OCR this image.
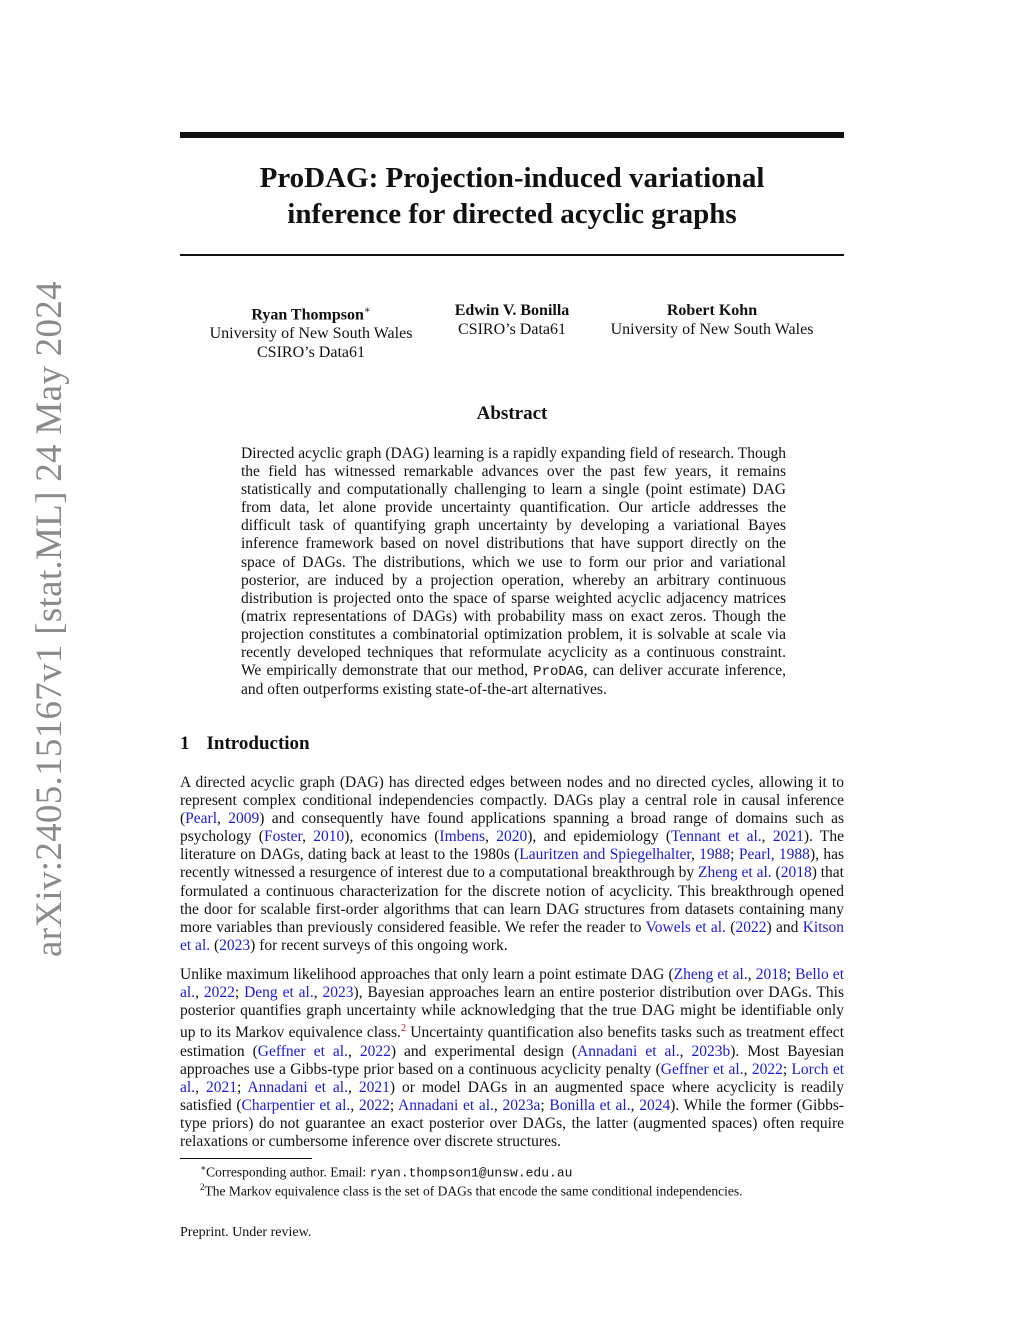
arXiv:2405.15167v1 [stat.ML] 24 May 2024
ProDAG: Projection-induced variational
inference for directed acyclic graphs
Ryan Thompson∗
University of New South Wales
CSIRO’s Data61
Edwin V. Bonilla
CSIRO’s Data61
Robert Kohn
University of New South Wales
Abstract
Directed acyclic graph (DAG) learning is a rapidly expanding field of research. Though the field has witnessed remarkable advances over the past few years, it remains statistically and computationally challenging to learn a single (point estimate) DAG from data, let alone provide uncertainty quantification. Our article addresses the difficult task of quantifying graph uncertainty by developing a variational Bayes inference framework based on novel distributions that have support directly on the space of DAGs. The distributions, which we use to form our prior and variational posterior, are induced by a projection operation, whereby an arbitrary continuous distribution is projected onto the space of sparse weighted acyclic adjacency matrices (matrix representations of DAGs) with probability mass on exact zeros. Though the projection constitutes a combinatorial optimization problem, it is solvable at scale via recently developed techniques that reformulate acyclicity as a continuous constraint. We empirically demonstrate that our method, ProDAG, can deliver accurate inference, and often outperforms existing state-of-the-art alternatives.
1 Introduction
A directed acyclic graph (DAG) has directed edges between nodes and no directed cycles, allowing it to represent complex conditional independencies compactly. DAGs play a central role in causal inference (Pearl, 2009) and consequently have found applications spanning a broad range of domains such as psychology (Foster, 2010), economics (Imbens, 2020), and epidemiology (Tennant et al., 2021). The literature on DAGs, dating back at least to the 1980s (Lauritzen and Spiegelhalter, 1988; Pearl, 1988), has recently witnessed a resurgence of interest due to a computational breakthrough by Zheng et al. (2018) that formulated a continuous characterization for the discrete notion of acyclicity. This breakthrough opened the door for scalable first-order algorithms that can learn DAG structures from datasets containing many more variables than previously considered feasible. We refer the reader to Vowels et al. (2022) and Kitson et al. (2023) for recent surveys of this ongoing work.
Unlike maximum likelihood approaches that only learn a point estimate DAG (Zheng et al., 2018; Bello et al., 2022; Deng et al., 2023), Bayesian approaches learn an entire posterior distribution over DAGs. This posterior quantifies graph uncertainty while acknowledging that the true DAG might be identifiable only up to its Markov equivalence class.$^2$ Uncertainty quantification also benefits tasks such as treatment effect estimation (Geffner et al., 2022) and experimental design (Annadani et al., 2023b). Most Bayesian approaches use a Gibbs-type prior based on a continuous acyclicity penalty (Geffner et al., 2022; Lorch et al., 2021; Annadani et al., 2021) or model DAGs in an augmented space where acyclicity is readily satisfied (Charpentier et al., 2022; Annadani et al., 2023a; Bonilla et al., 2024). While the former (Gibbs-type priors) do not guarantee an exact posterior over DAGs, the latter (augmented spaces) often require relaxations or cumbersome inference over discrete structures.
∗Corresponding author. Email: ryan.thompson1@unsw.edu.au
$^2$The Markov equivalence class is the set of DAGs that encode the same conditional independencies.
Preprint. Under review.
